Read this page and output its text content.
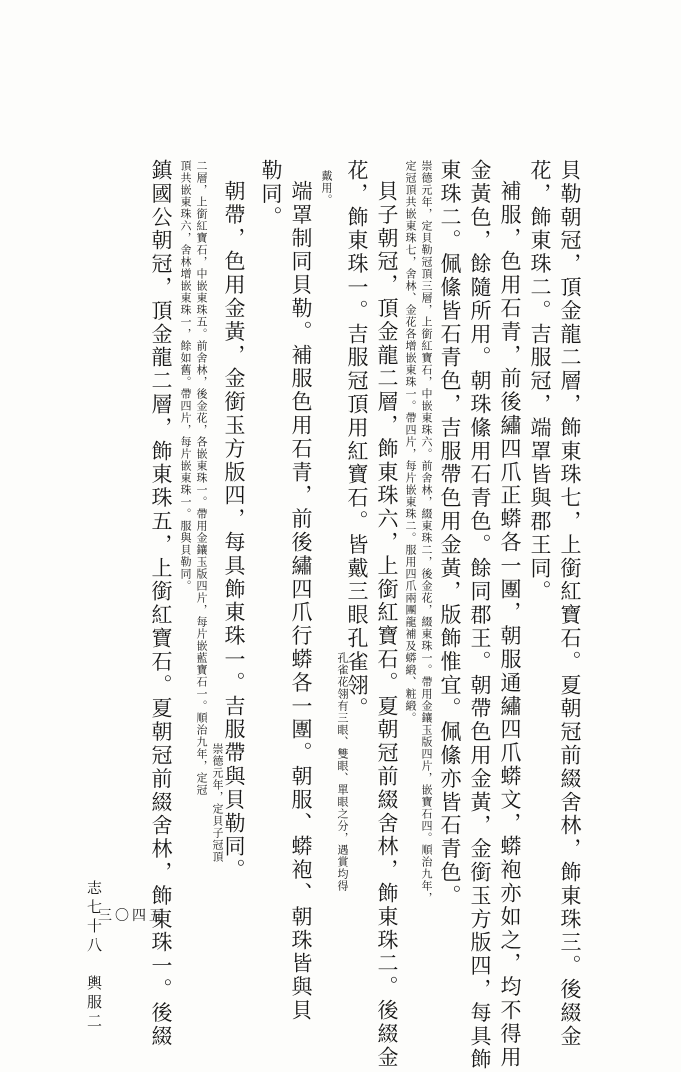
志七十八　輿服二	貝勒朝冠，頂金龍二層，飾東珠七，上銜紅寶石。夏朝冠前綴舍林，飾東珠三。後綴金
花，飾東珠二。吉服冠，端罩皆與郡王同。
補服，色用石青，前後繡四爪正蟒各一團，朝服通繡四爪蟒文，蟒袍亦如之，均不得用
金黃色，餘隨所用。朝珠絛用石青色。餘同郡王。朝帶色用金黃，金銜玉方版四，每具飾
東珠二。佩絛皆石青色，吉服帶色用金黃，版飾惟宜。佩絛亦皆石青色。
崇德元年，定貝勒冠頂三層，上銜紅寶石，中嵌東珠六。前舍林，綴東珠二，後金花，綴東珠一。帶用金鑲玉版四片，嵌寶石四。順治九年，
定冠頂共嵌東珠七，舍林、金花各增嵌東珠一。帶四片，每片嵌東珠二。服用四爪兩團龍補及蟒緞、粧緞。
貝子朝冠，頂金龍二層，飾東珠六，上銜紅寶石。夏朝冠前綴舍林，飾東珠二。後綴金
花，飾東珠一。吉服冠頂用紅寶石。皆戴三眼孔雀翎。
孔雀花翎有三眼、雙眼、單眼之分，遇賞均得
戴用。
端罩制同貝勒。補服色用石青，前後繡四爪行蟒各一團。朝服、蟒袍、朝珠皆與貝
勒同。
朝帶，色用金黃，金銜玉方版四，每具飾東珠一。吉服帶與貝勒同。
崇德元年，定貝子冠頂
二層，上銜紅寶石，中嵌東珠五。前舍林，後金花，各嵌東珠一。帶用金鑲玉版四片，每片嵌藍寶石一。順治九年，定冠
頂共嵌東珠六，舍林增嵌東珠一，餘如舊。帶四片，每片嵌東珠一。服與貝勒同。
鎮國公朝冠，頂金龍二層，飾東珠五，上銜紅寶石。夏朝冠前綴舍林，飾東珠一。後綴
三〇四五
